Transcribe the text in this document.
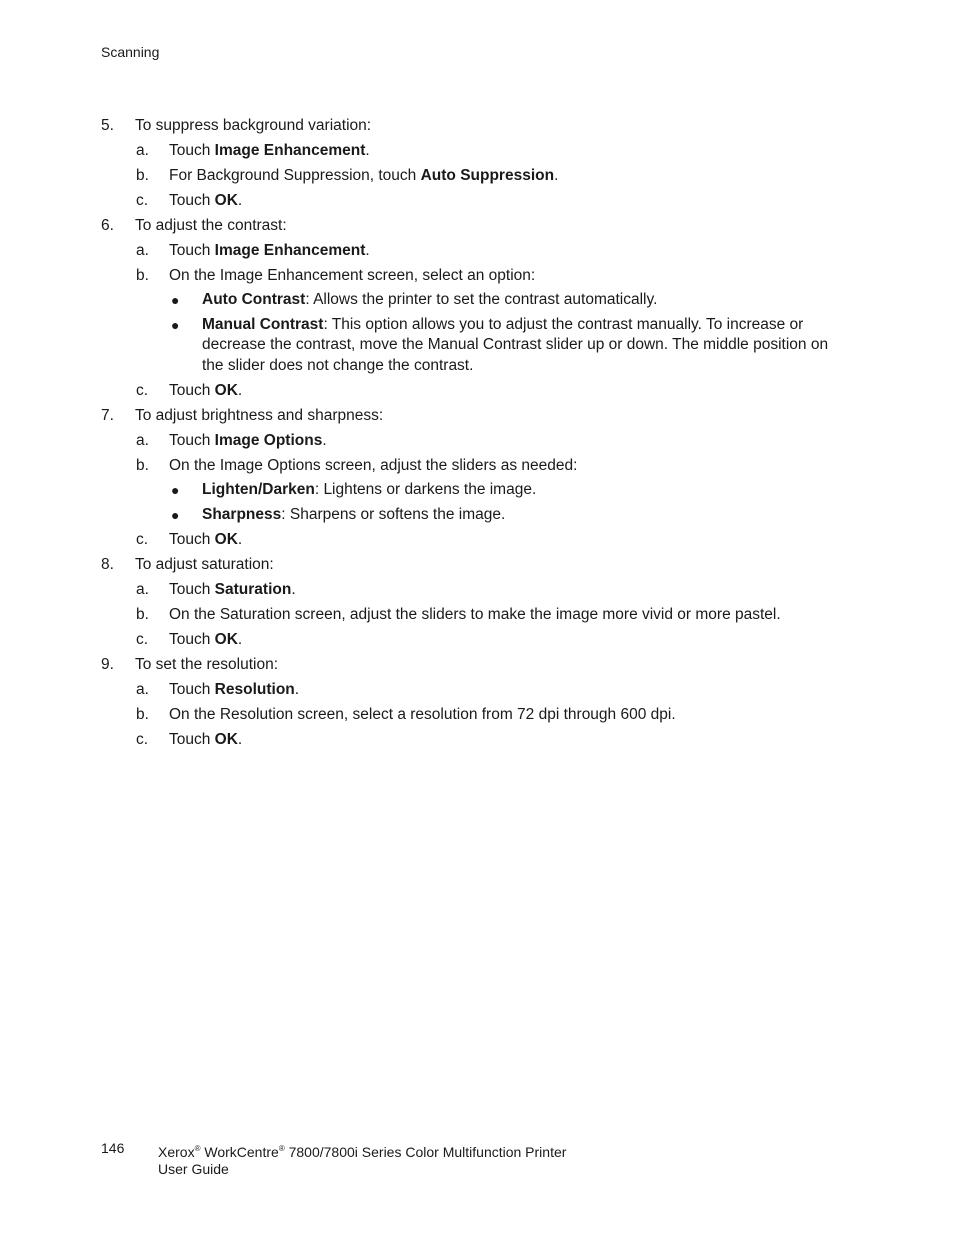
Scanning
5. To suppress background variation:
a. Touch Image Enhancement.
b. For Background Suppression, touch Auto Suppression.
c. Touch OK.
6. To adjust the contrast:
a. Touch Image Enhancement.
b. On the Image Enhancement screen, select an option:
● Auto Contrast: Allows the printer to set the contrast automatically.
● Manual Contrast: This option allows you to adjust the contrast manually. To increase or decrease the contrast, move the Manual Contrast slider up or down. The middle position on the slider does not change the contrast.
c. Touch OK.
7. To adjust brightness and sharpness:
a. Touch Image Options.
b. On the Image Options screen, adjust the sliders as needed:
● Lighten/Darken: Lightens or darkens the image.
● Sharpness: Sharpens or softens the image.
c. Touch OK.
8. To adjust saturation:
a. Touch Saturation.
b. On the Saturation screen, adjust the sliders to make the image more vivid or more pastel.
c. Touch OK.
9. To set the resolution:
a. Touch Resolution.
b. On the Resolution screen, select a resolution from 72 dpi through 600 dpi.
c. Touch OK.
146 Xerox® WorkCentre® 7800/7800i Series Color Multifunction Printer
User Guide
